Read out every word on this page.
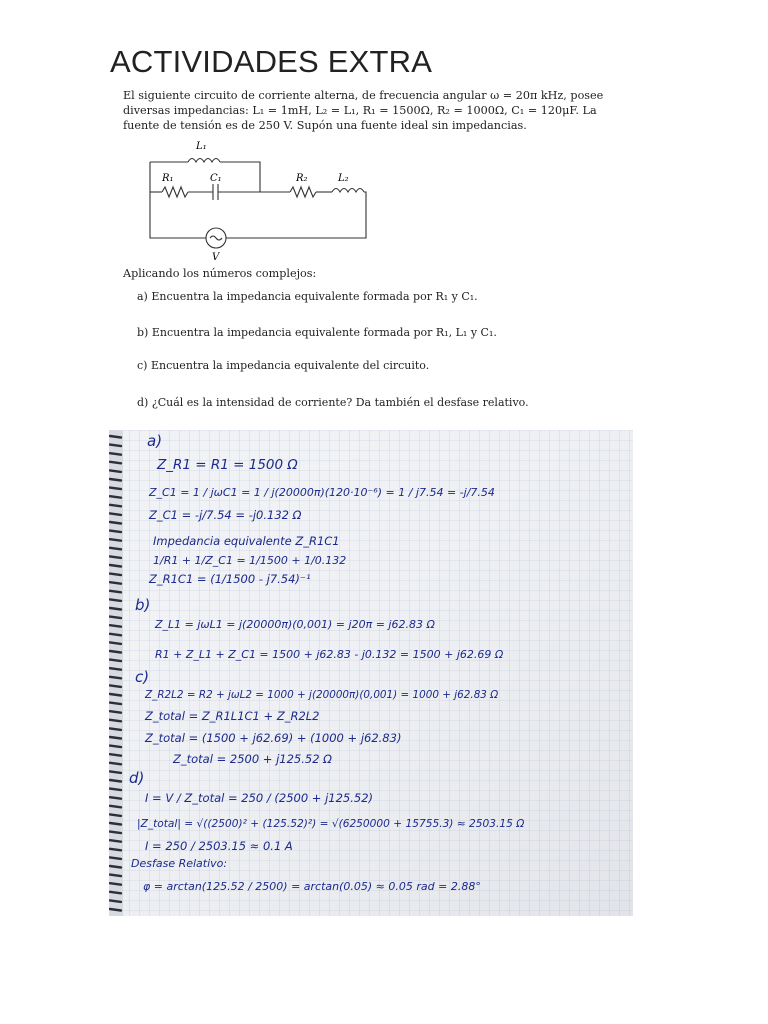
ACTIVIDADES EXTRA
El siguiente circuito de corriente alterna, de frecuencia angular ω = 20π kHz, posee diversas impedancias: L₁ = 1mH, L₂ = L₁, R₁ = 1500Ω, R₂ = 1000Ω, C₁ = 120μF. La fuente de tensión es de 250 V. Supón una fuente ideal sin impedancias.
L₁
R₁	C₁	R₂	L₂
V
Aplicando los números complejos:
a) Encuentra la impedancia equivalente formada por R₁ y C₁.
b) Encuentra la impedancia equivalente formada por R₁, L₁ y C₁.
c) Encuentra la impedancia equivalente del circuito.
d) ¿Cuál es la intensidad de corriente? Da también el desfase relativo.
a)
Z_R1 = R1 = 1500 Ω
Z_C1 = 1 / jωC1 = 1 / j(20000π)(120·10⁻⁶) = 1 / j7.54 = -j/7.54
Z_C1 = -j/7.54 = -j0.132 Ω
Impedancia equivalente Z_R1C1
1/R1 + 1/Z_C1 = 1/1500 + 1/0.132
Z_R1C1 = (1/1500 - j7.54)⁻¹
b)
Z_L1 = jωL1 = j(20000π)(0,001) = j20π = j62.83 Ω
R1 + Z_L1 + Z_C1 = 1500 + j62.83 - j0.132 = 1500 + j62.69 Ω
c)
Z_R2L2 = R2 + jωL2 = 1000 + j(20000π)(0,001) = 1000 + j62.83 Ω
Z_total = Z_R1L1C1 + Z_R2L2
Z_total = (1500 + j62.69) + (1000 + j62.83)
Z_total = 2500 + j125.52 Ω
d)
I = V / Z_total = 250 / (2500 + j125.52)
|Z_total| = √((2500)² + (125.52)²) = √(6250000 + 15755.3) ≈ 2503.15 Ω
I = 250 / 2503.15 ≈ 0.1 A
Desfase Relativo:
φ = arctan(125.52 / 2500) = arctan(0.05) ≈ 0.05 rad = 2.88°
